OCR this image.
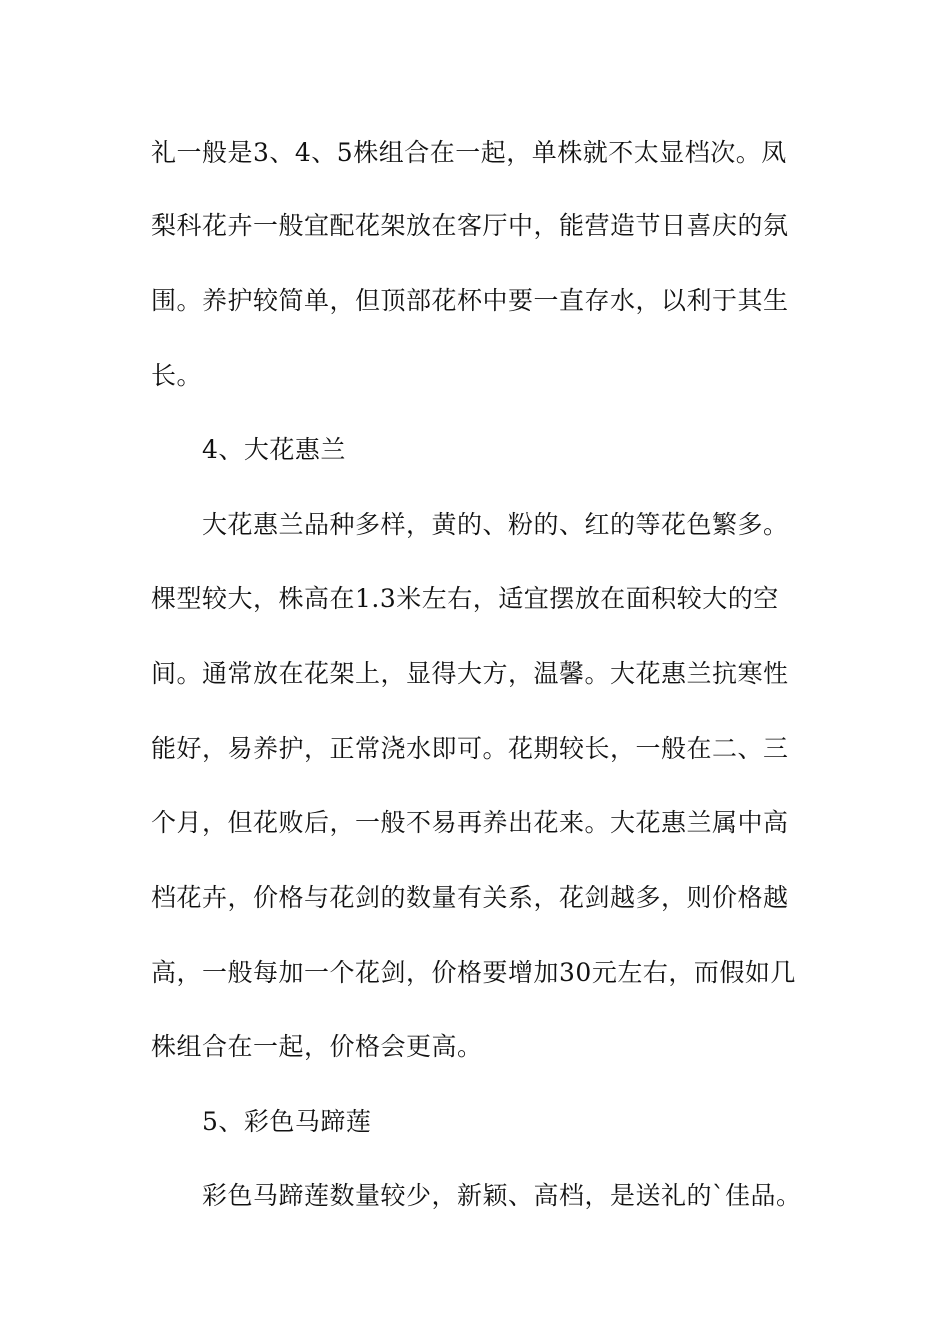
礼一般是3、4、5株组合在一起，单株就不太显档次。凤
梨科花卉一般宜配花架放在客厅中，能营造节日喜庆的氛
围。养护较简单，但顶部花杯中要一直存水，以利于其生
长。
4、大花惠兰
大花惠兰品种多样，黄的、粉的、红的等花色繁多。
棵型较大，株高在1.3米左右，适宜摆放在面积较大的空
间。通常放在花架上，显得大方，温馨。大花惠兰抗寒性
能好，易养护，正常浇水即可。花期较长，一般在二、三
个月，但花败后，一般不易再养出花来。大花惠兰属中高
档花卉，价格与花剑的数量有关系，花剑越多，则价格越
高，一般每加一个花剑，价格要增加30元左右，而假如几
株组合在一起，价格会更高。
5、彩色马蹄莲
彩色马蹄莲数量较少，新颖、高档，是送礼的`佳品。
